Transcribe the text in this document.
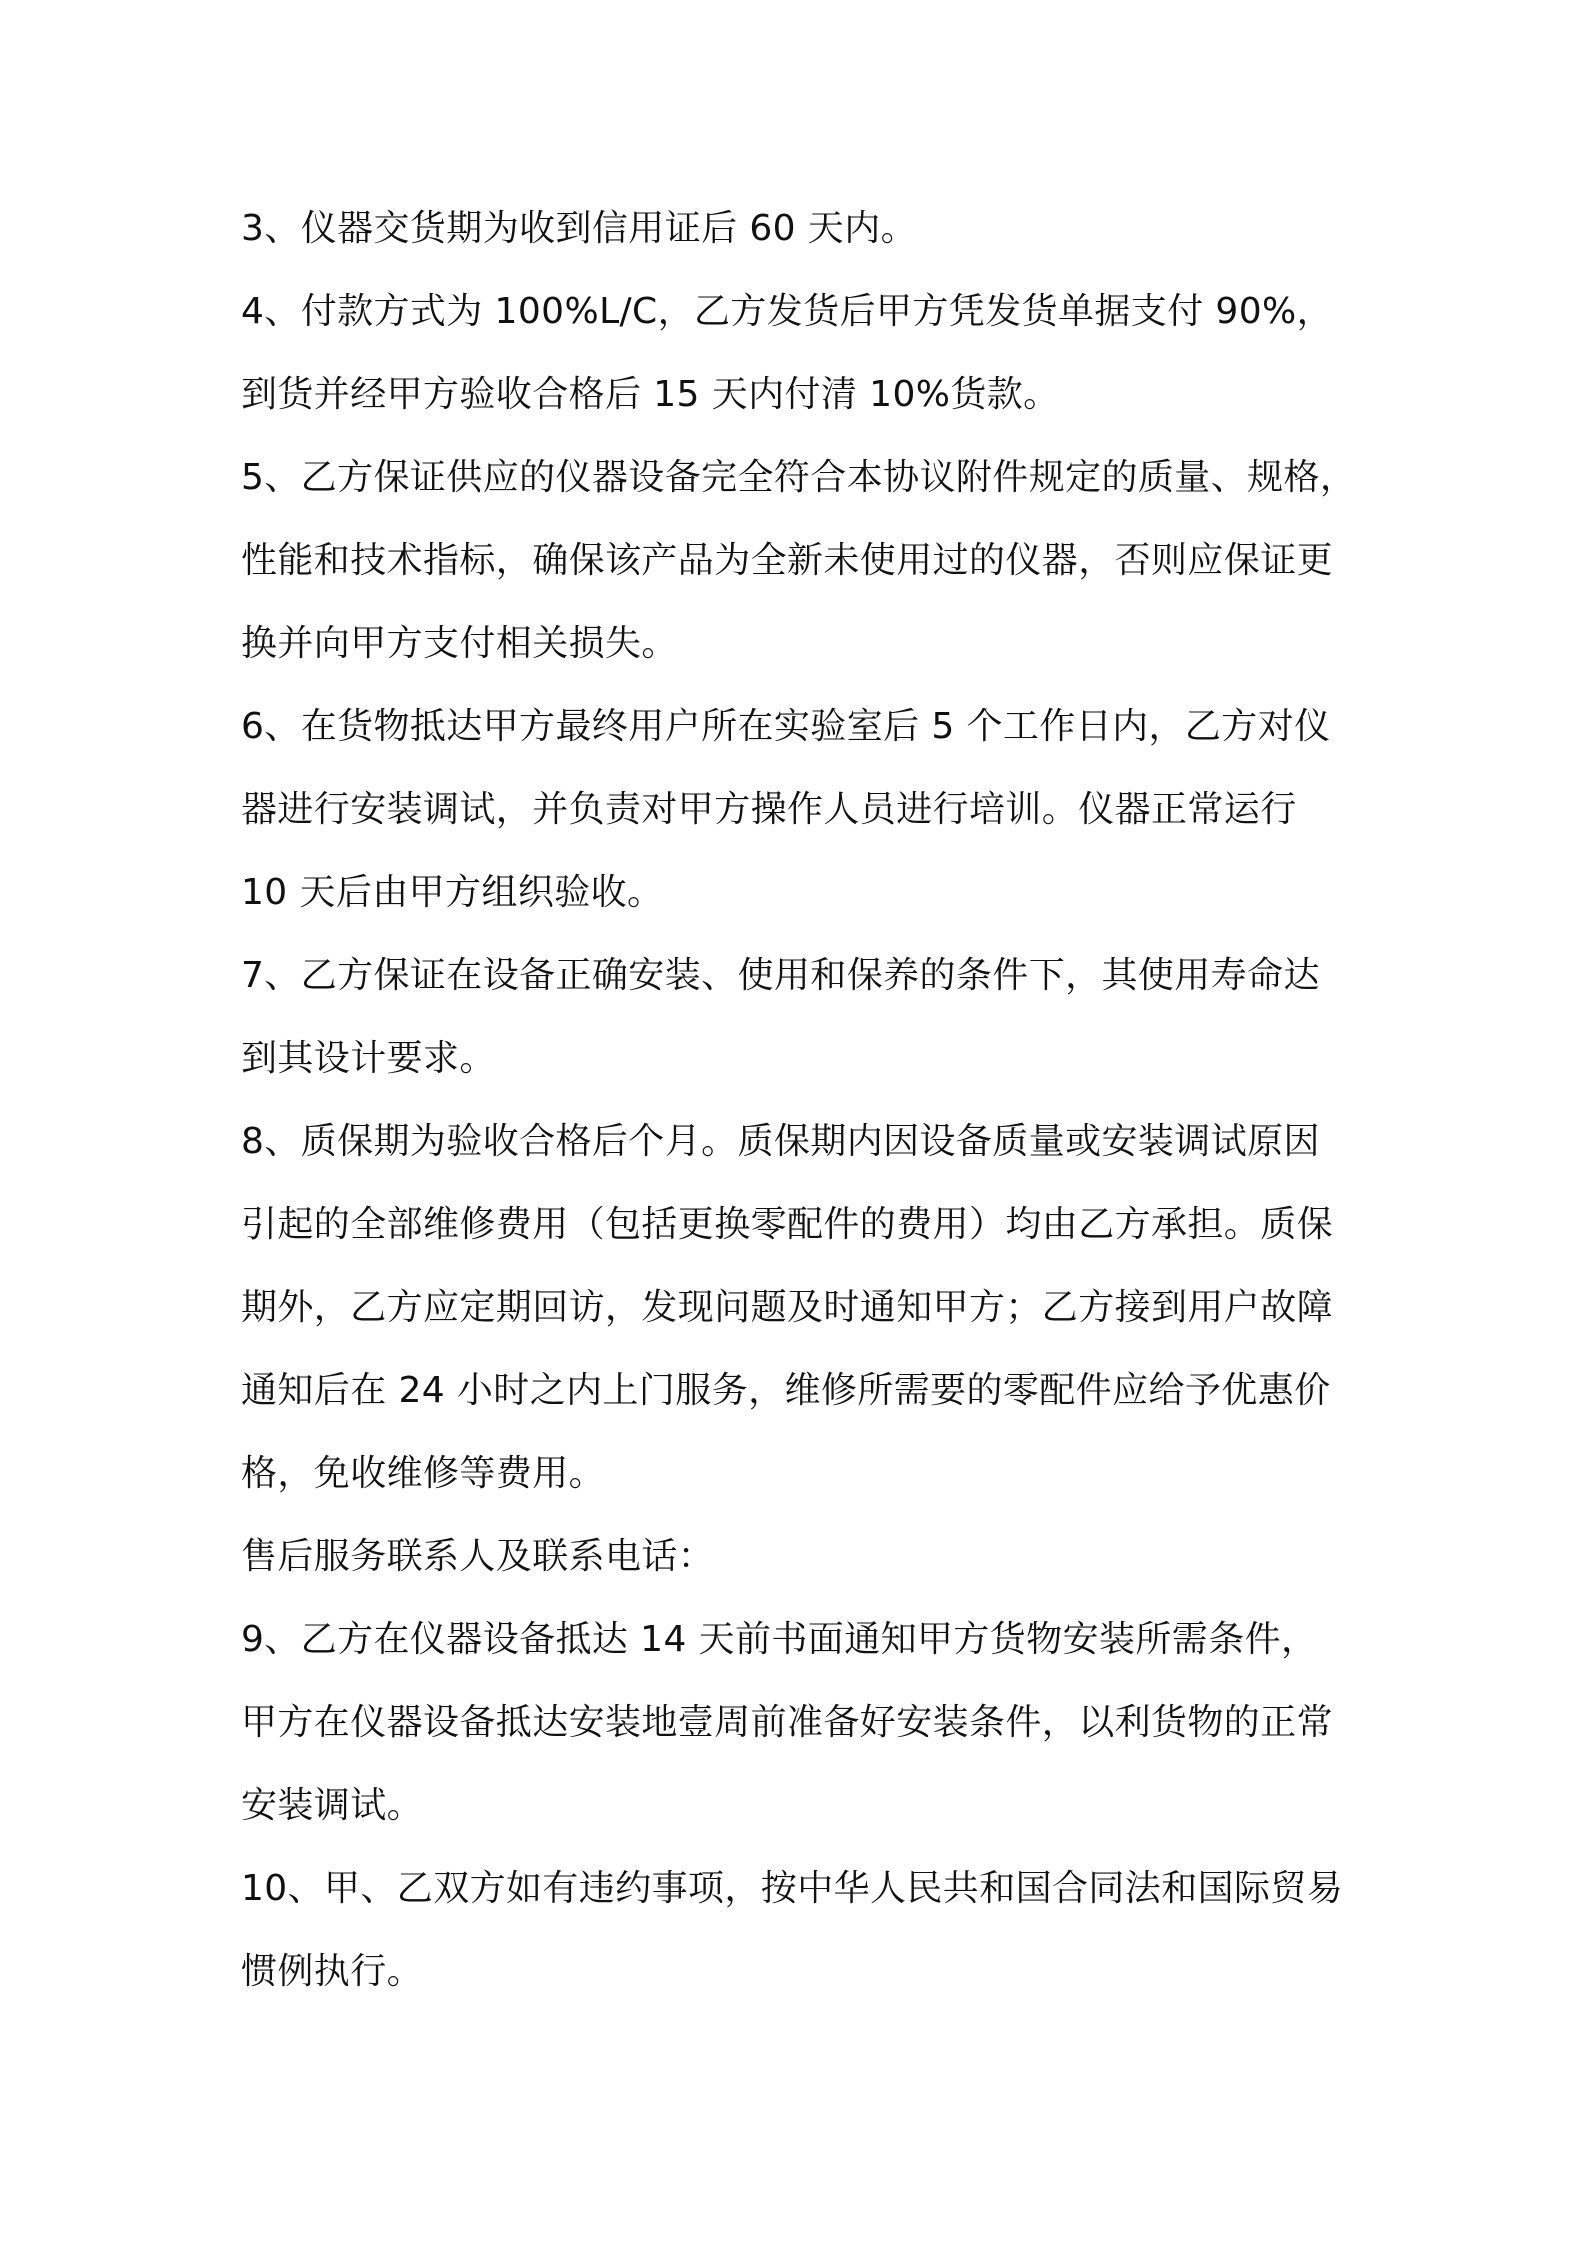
3、仪器交货期为收到信用证后 60 天内。
4、付款方式为 100%L/C，乙方发货后甲方凭发货单据支付 90%，
到货并经甲方验收合格后 15 天内付清 10%货款。
5、乙方保证供应的仪器设备完全符合本协议附件规定的质量、规格，
性能和技术指标，确保该产品为全新未使用过的仪器，否则应保证更
换并向甲方支付相关损失。
6、在货物抵达甲方最终用户所在实验室后 5 个工作日内，乙方对仪
器进行安装调试，并负责对甲方操作人员进行培训。仪器正常运行
10 天后由甲方组织验收。
7、乙方保证在设备正确安装、使用和保养的条件下，其使用寿命达
到其设计要求。
8、质保期为验收合格后个月。质保期内因设备质量或安装调试原因
引起的全部维修费用（包括更换零配件的费用）均由乙方承担。质保
期外，乙方应定期回访，发现问题及时通知甲方；乙方接到用户故障
通知后在 24 小时之内上门服务，维修所需要的零配件应给予优惠价
格，免收维修等费用。
售后服务联系人及联系电话：
9、乙方在仪器设备抵达 14 天前书面通知甲方货物安装所需条件，
甲方在仪器设备抵达安装地壹周前准备好安装条件，以利货物的正常
安装调试。
10、甲、乙双方如有违约事项，按中华人民共和国合同法和国际贸易
惯例执行。
